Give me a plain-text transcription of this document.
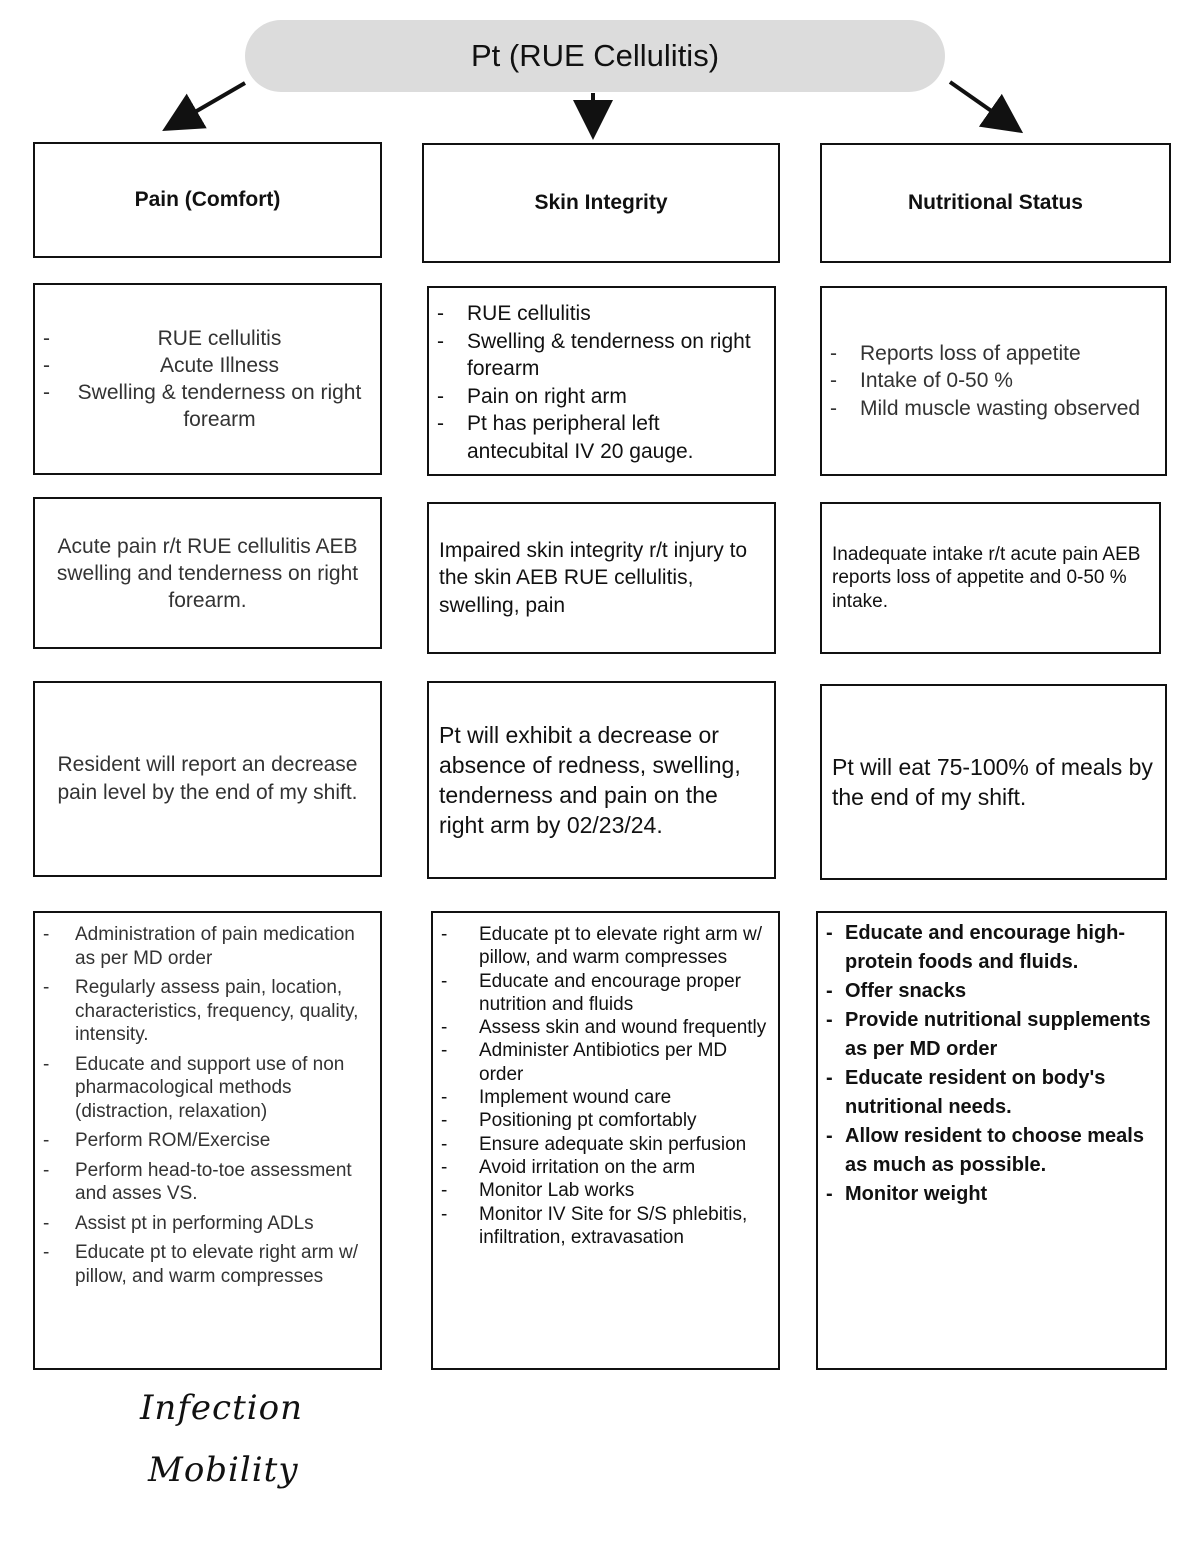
Pt (RUE Cellulitis)
Pain (Comfort)
- RUE cellulitis
- Acute Illness
- Swelling & tenderness on right forearm
Acute pain r/t RUE cellulitis AEB swelling and tenderness on right forearm.
Resident will report an decrease pain level by the end of my shift.
- Administration of pain medication as per MD order
- Regularly assess pain, location, characteristics, frequency, quality, intensity.
- Educate and support use of non pharmacological methods (distraction, relaxation)
- Perform ROM/Exercise
- Perform head-to-toe assessment and asses VS.
- Assist pt in performing ADLs
- Educate pt to elevate right arm w/ pillow, and warm compresses
Skin Integrity
- RUE cellulitis
- Swelling & tenderness on right forearm
- Pain on right arm
- Pt has peripheral left antecubital IV 20 gauge.
Impaired skin integrity r/t injury to the skin AEB RUE cellulitis, swelling, pain
Pt will exhibit a decrease or absence of redness, swelling, tenderness and pain on the right arm by 02/23/24.
- Educate pt to elevate right arm w/ pillow, and warm compresses
- Educate and encourage proper nutrition and fluids
- Assess skin and wound frequently
- Administer Antibiotics per MD order
- Implement wound care
- Positioning pt comfortably
- Ensure adequate skin perfusion
- Avoid irritation on the arm
- Monitor Lab works
- Monitor IV Site for S/S phlebitis, infiltration, extravasation
Nutritional Status
- Reports loss of appetite
- Intake of 0-50 %
- Mild muscle wasting observed
Inadequate intake r/t acute pain AEB reports loss of appetite and 0-50 % intake.
Pt will eat 75-100% of meals by the end of my shift.
- Educate and encourage high-protein foods and fluids.
- Offer snacks
- Provide nutritional supplements as per MD order
- Educate resident on body's nutritional needs.
- Allow resident to choose meals as much as possible.
- Monitor weight
Infection
Mobility
